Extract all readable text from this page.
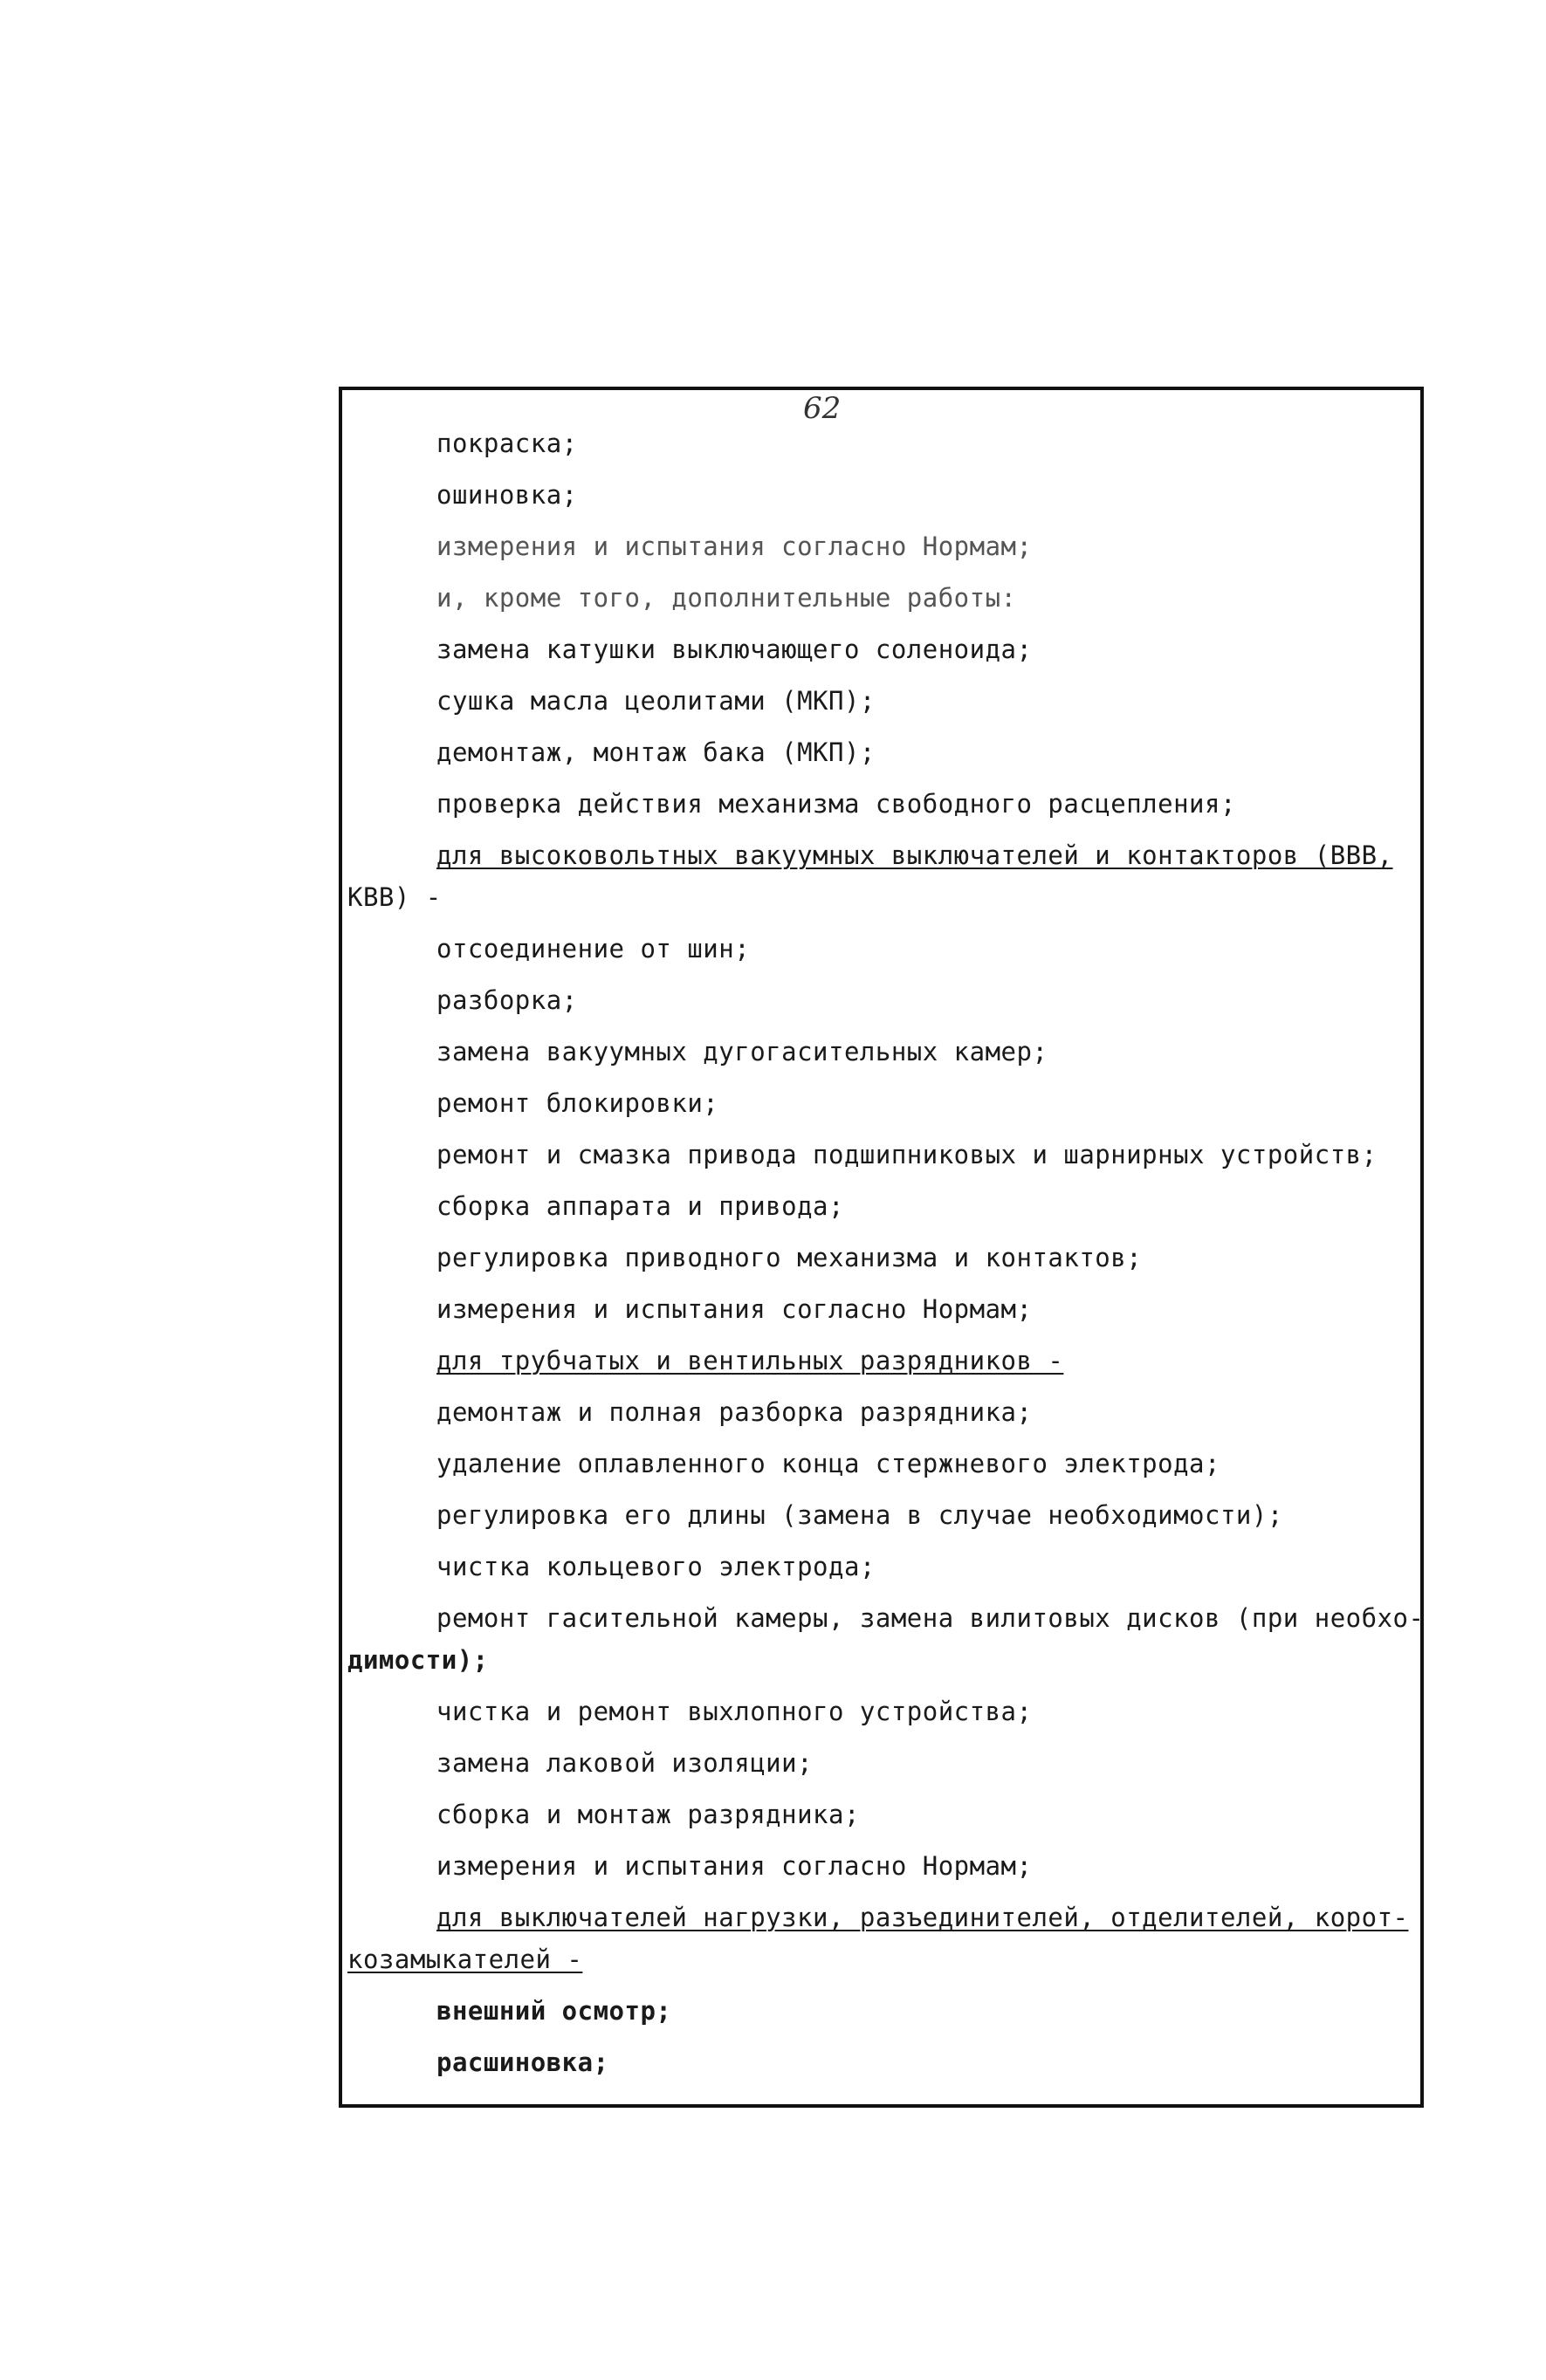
62
покраска;
ошиновка;
измерения и испытания согласно Нормам;
и, кроме того, дополнительные работы:
замена катушки выключающего соленоида;
сушка масла цеолитами (МКП);
демонтаж, монтаж бака (МКП);
проверка действия механизма свободного расцепления;
для высоковольтных вакуумных выключателей и контакторов (ВВВ,
КВВ) -
отсоединение от шин;
разборка;
замена вакуумных дугогасительных камер;
ремонт блокировки;
ремонт и смазка привода подшипниковых и шарнирных устройств;
сборка аппарата и привода;
регулировка приводного механизма и контактов;
измерения и испытания согласно Нормам;
для трубчатых и вентильных разрядников -
демонтаж и полная разборка разрядника;
удаление оплавленного конца стержневого электрода;
регулировка его длины (замена в случае необходимости);
чистка кольцевого электрода;
ремонт гасительной камеры, замена вилитовых дисков (при необхо-
димости);
чистка и ремонт выхлопного устройства;
замена лаковой изоляции;
сборка и монтаж разрядника;
измерения и испытания согласно Нормам;
для выключателей нагрузки, разъединителей, отделителей, корот-
козамыкателей -
внешний осмотр;
расшиновка;
